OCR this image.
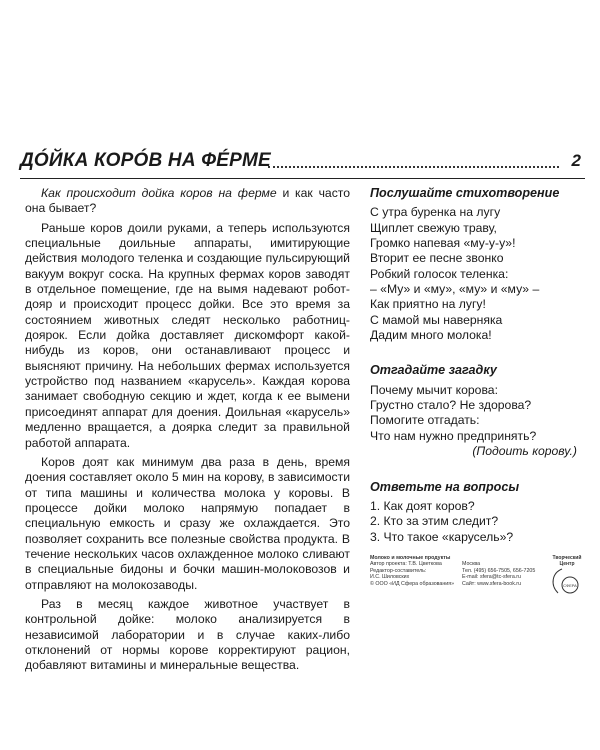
ДÓЙКА КОРÓВ НА ФÉРМЕ	2

Как происходит дойка коров на ферме и как часто она бывает?

Раньше коров доили руками, а теперь используются специальные доильные аппараты, имитирующие действия молодого теленка и создающие пульсирующий вакуум вокруг соска. На крупных фермах коров заводят в отдельное помещение, где на вымя надевают робот-дояр и происходит процесс дойки. Все это время за состоянием животных следят несколько работниц-доярок. Если дойка доставляет дискомфорт какой-нибудь из коров, они останавливают процесс и выясняют причину. На небольших фермах используется устройство под названием «карусель». Каждая корова занимает свободную секцию и ждет, когда к ее вымени присоединят аппарат для доения. Доильная «карусель» медленно вращается, а доярка следит за правильной работой аппарата.

Коров доят как минимум два раза в день, время доения составляет около 5 мин на корову, в зависимости от типа машины и количества молока у коровы. В процессе дойки молоко напрямую попадает в специальную емкость и сразу же охлаждается. Это позволяет сохранить все полезные свойства продукта. В течение нескольких часов охлажденное молоко сливают в специальные бидоны и бочки машин-молоковозов и отправляют на молокозаводы.

Раз в месяц каждое животное участвует в контрольной дойке: молоко анализируется в независимой лаборатории и в случае каких-либо отклонений от нормы корове корректируют рацион, добавляют витамины и минеральные вещества.

Послушайте стихотворение
С утра буренка на лугу
Щиплет свежую траву,
Громко напевая «му-у-у»!
Вторит ее песне звонко
Робкий голосок теленка:
– «Му» и «му», «му» и «му» –
Как приятно на лугу!
С мамой мы наверняка
Дадим много молока!
Отгадайте загадку
Почему мычит корова:
Грустно стало? Не здорова?
Помогите отгадать:
Что нам нужно предпринять?
(Подоить корову.)
Ответьте на вопросы
1. Как доят коров?
2. Кто за этим следит?
3. Что такое «карусель»?
Молоко и молочные продукты
Автор проекта: Т.В. Цветкова
Редактор-составитель:
И.С. Шиловских
© ООО «ИД Сфера образования»
Москва
Тел. (495) 656-7505, 656-7205
E-mail: sfera@tc-sfera.ru
Сайт: www.sfera-book.ru
Творческий
Центр
СФЕРА
